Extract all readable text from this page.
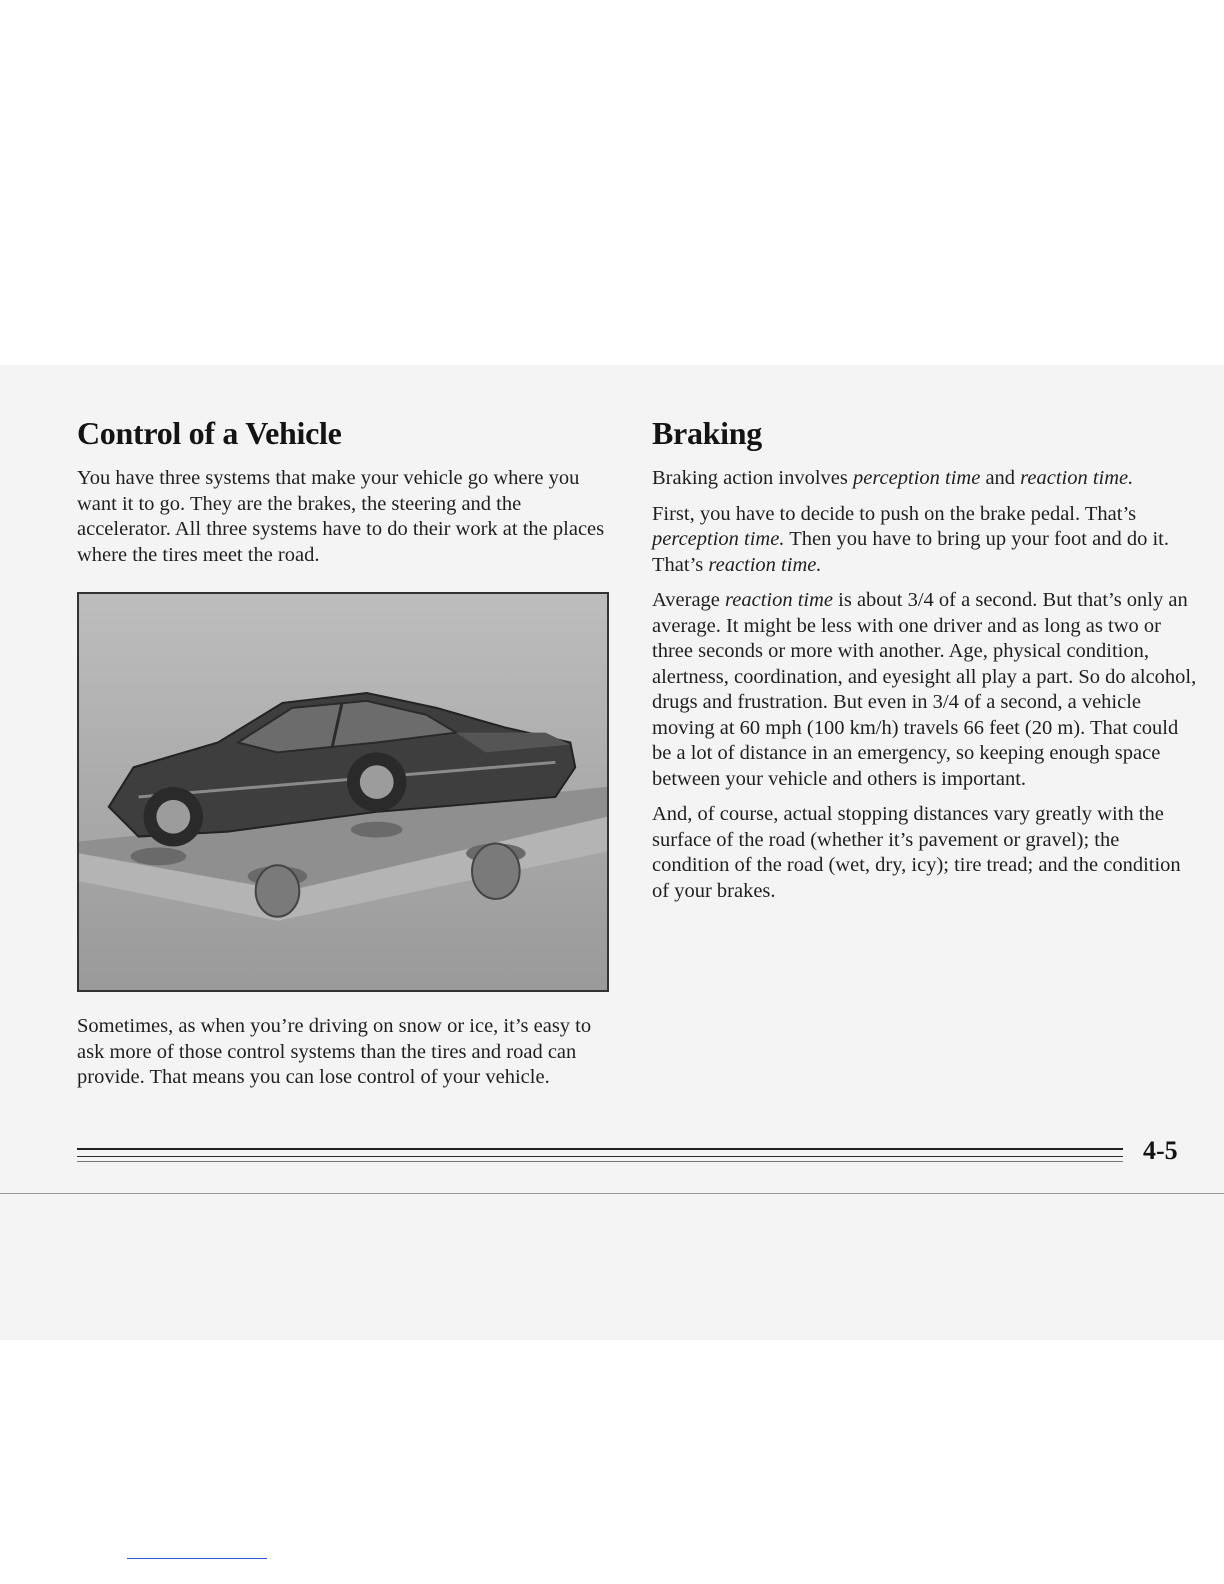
Control of a Vehicle

You have three systems that make your vehicle go where you want it to go. They are the brakes, the steering and the accelerator. All three systems have to do their work at the places where the tires meet the road.

Sometimes, as when you’re driving on snow or ice, it’s easy to ask more of those control systems than the tires and road can provide. That means you can lose control of your vehicle.

Braking

Braking action involves perception time and reaction time.

First, you have to decide to push on the brake pedal. That’s perception time. Then you have to bring up your foot and do it. That’s reaction time.

Average reaction time is about 3/4 of a second. But that’s only an average. It might be less with one driver and as long as two or three seconds or more with another. Age, physical condition, alertness, coordination, and eyesight all play a part. So do alcohol, drugs and frustration. But even in 3/4 of a second, a vehicle moving at 60 mph (100 km/h) travels 66 feet (20 m). That could be a lot of distance in an emergency, so keeping enough space between your vehicle and others is important.

And, of course, actual stopping distances vary greatly with the surface of the road (whether it’s pavement or gravel); the condition of the road (wet, dry, icy); tire tread; and the condition of your brakes.

4-5
